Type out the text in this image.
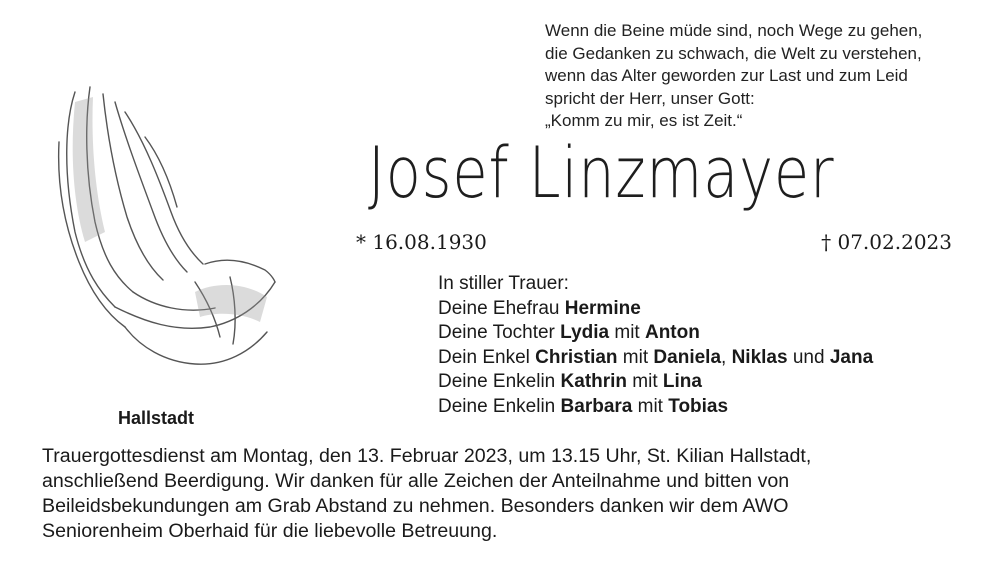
Wenn die Beine müde sind, noch Wege zu gehen,
die Gedanken zu schwach, die Welt zu verstehen,
wenn das Alter geworden zur Last und zum Leid
spricht der Herr, unser Gott:
„Komm zu mir, es ist Zeit.“
Josef Linzmayer
* 16.08.1930	† 07.02.2023
Hallstadt
In stiller Trauer:
Deine Ehefrau Hermine
Deine Tochter Lydia mit Anton
Dein Enkel Christian mit Daniela, Niklas und Jana
Deine Enkelin Kathrin mit Lina
Deine Enkelin Barbara mit Tobias
Trauergottesdienst am Montag, den 13. Februar 2023, um 13.15 Uhr, St. Kilian Hallstadt,
anschließend Beerdigung. Wir danken für alle Zeichen der Anteilnahme und bitten von
Beileidsbekundungen am Grab Abstand zu nehmen. Besonders danken wir dem AWO
Seniorenheim Oberhaid für die liebevolle Betreuung.
